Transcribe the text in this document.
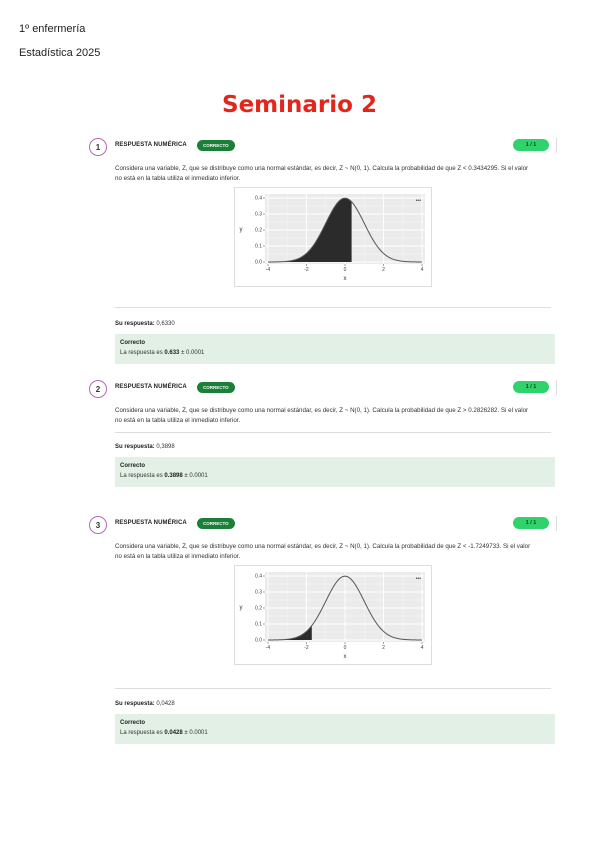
1º enfermería
Estadística 2025
Seminario 2
1	RESPUESTA NUMÉRICA	CORRECTO	1 / 1
Considera una variable, Z, que se distribuye como una normal estándar, es decir, Z ~ N(0, 1). Calcula la probabilidad de que Z < 0.3434295. Si el valor no está en la tabla utiliza el inmediato inferior.
-4	-2	0	2	4
0.0
0.1
0.2
0.3
0.4
x
y
•••
Su respuesta: 0,6330
Correcto
La respuesta es 0.633 ± 0.0001
2	RESPUESTA NUMÉRICA	CORRECTO	1 / 1
Considera una variable, Z, que se distribuye como una normal estándar, es decir, Z ~ N(0, 1). Calcula la probabilidad de que Z > 0.2826282. Si el valor no está en la tabla utiliza el inmediato inferior.
Su respuesta: 0,3898
Correcto
La respuesta es 0.3898 ± 0.0001
3	RESPUESTA NUMÉRICA	CORRECTO	1 / 1
Considera una variable, Z, que se distribuye como una normal estándar, es decir, Z ~ N(0, 1). Calcula la probabilidad de que Z < -1.7249733. Si el valor no está en la tabla utiliza el inmediato inferior.
-4	-2	0	2	4
0.0
0.1
0.2
0.3
0.4
x
y
•••
Su respuesta: 0,0428
Correcto
La respuesta es 0.0428 ± 0.0001
